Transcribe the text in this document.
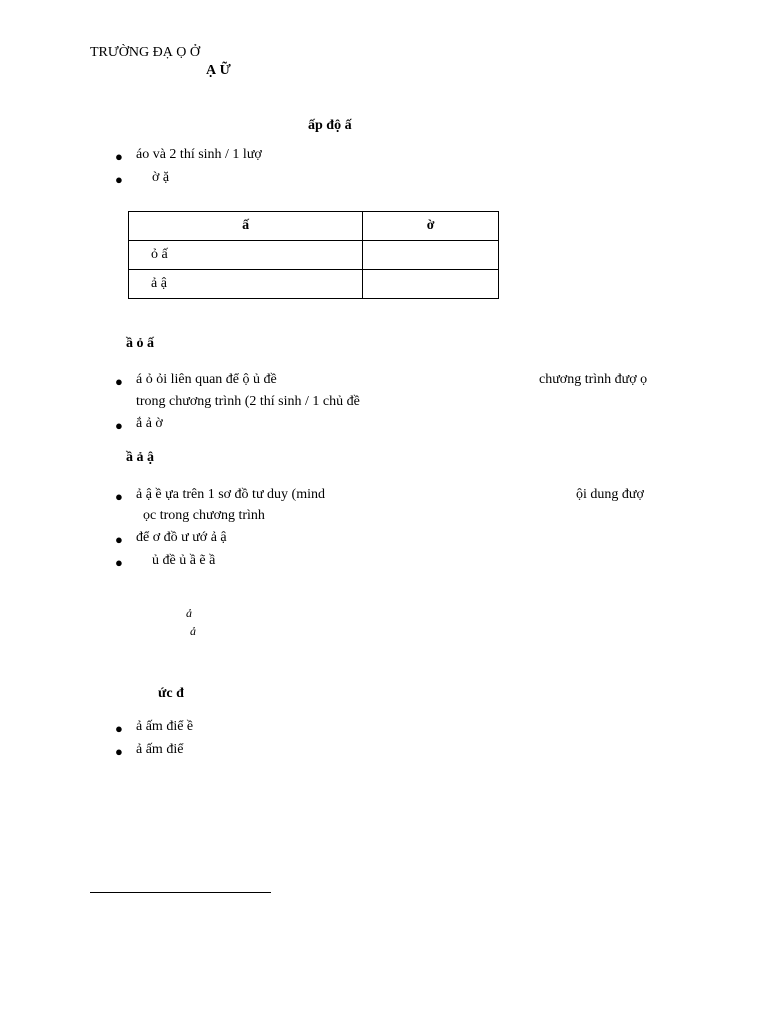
TRƯỜNG ĐẠ Ọ Ở
Ạ Ữ
ấp độ ấ
● áo và 2 thí sinh / 1 lượ
● ờ ặ
ấ	ờ
ỏ ấ	
ả ậ	
ầ ỏ ấ
● á ỏ ỏi liên quan để ộ ủ đề	chương trình đượ ọ
trong chương trình (2 thí sinh / 1 chủ đề
● ắ ả ờ
ầ ả ậ
● ả ậ ề ựa trên 1 sơ đồ tư duy (mind	ội dung đượ
ọc trong chương trình
● để ơ đồ ư ướ ả ậ
● ủ đề ủ ầ ẽ ầ
ả
ả
ức đ
● ả ấm điể ề
● ả ấm điể
